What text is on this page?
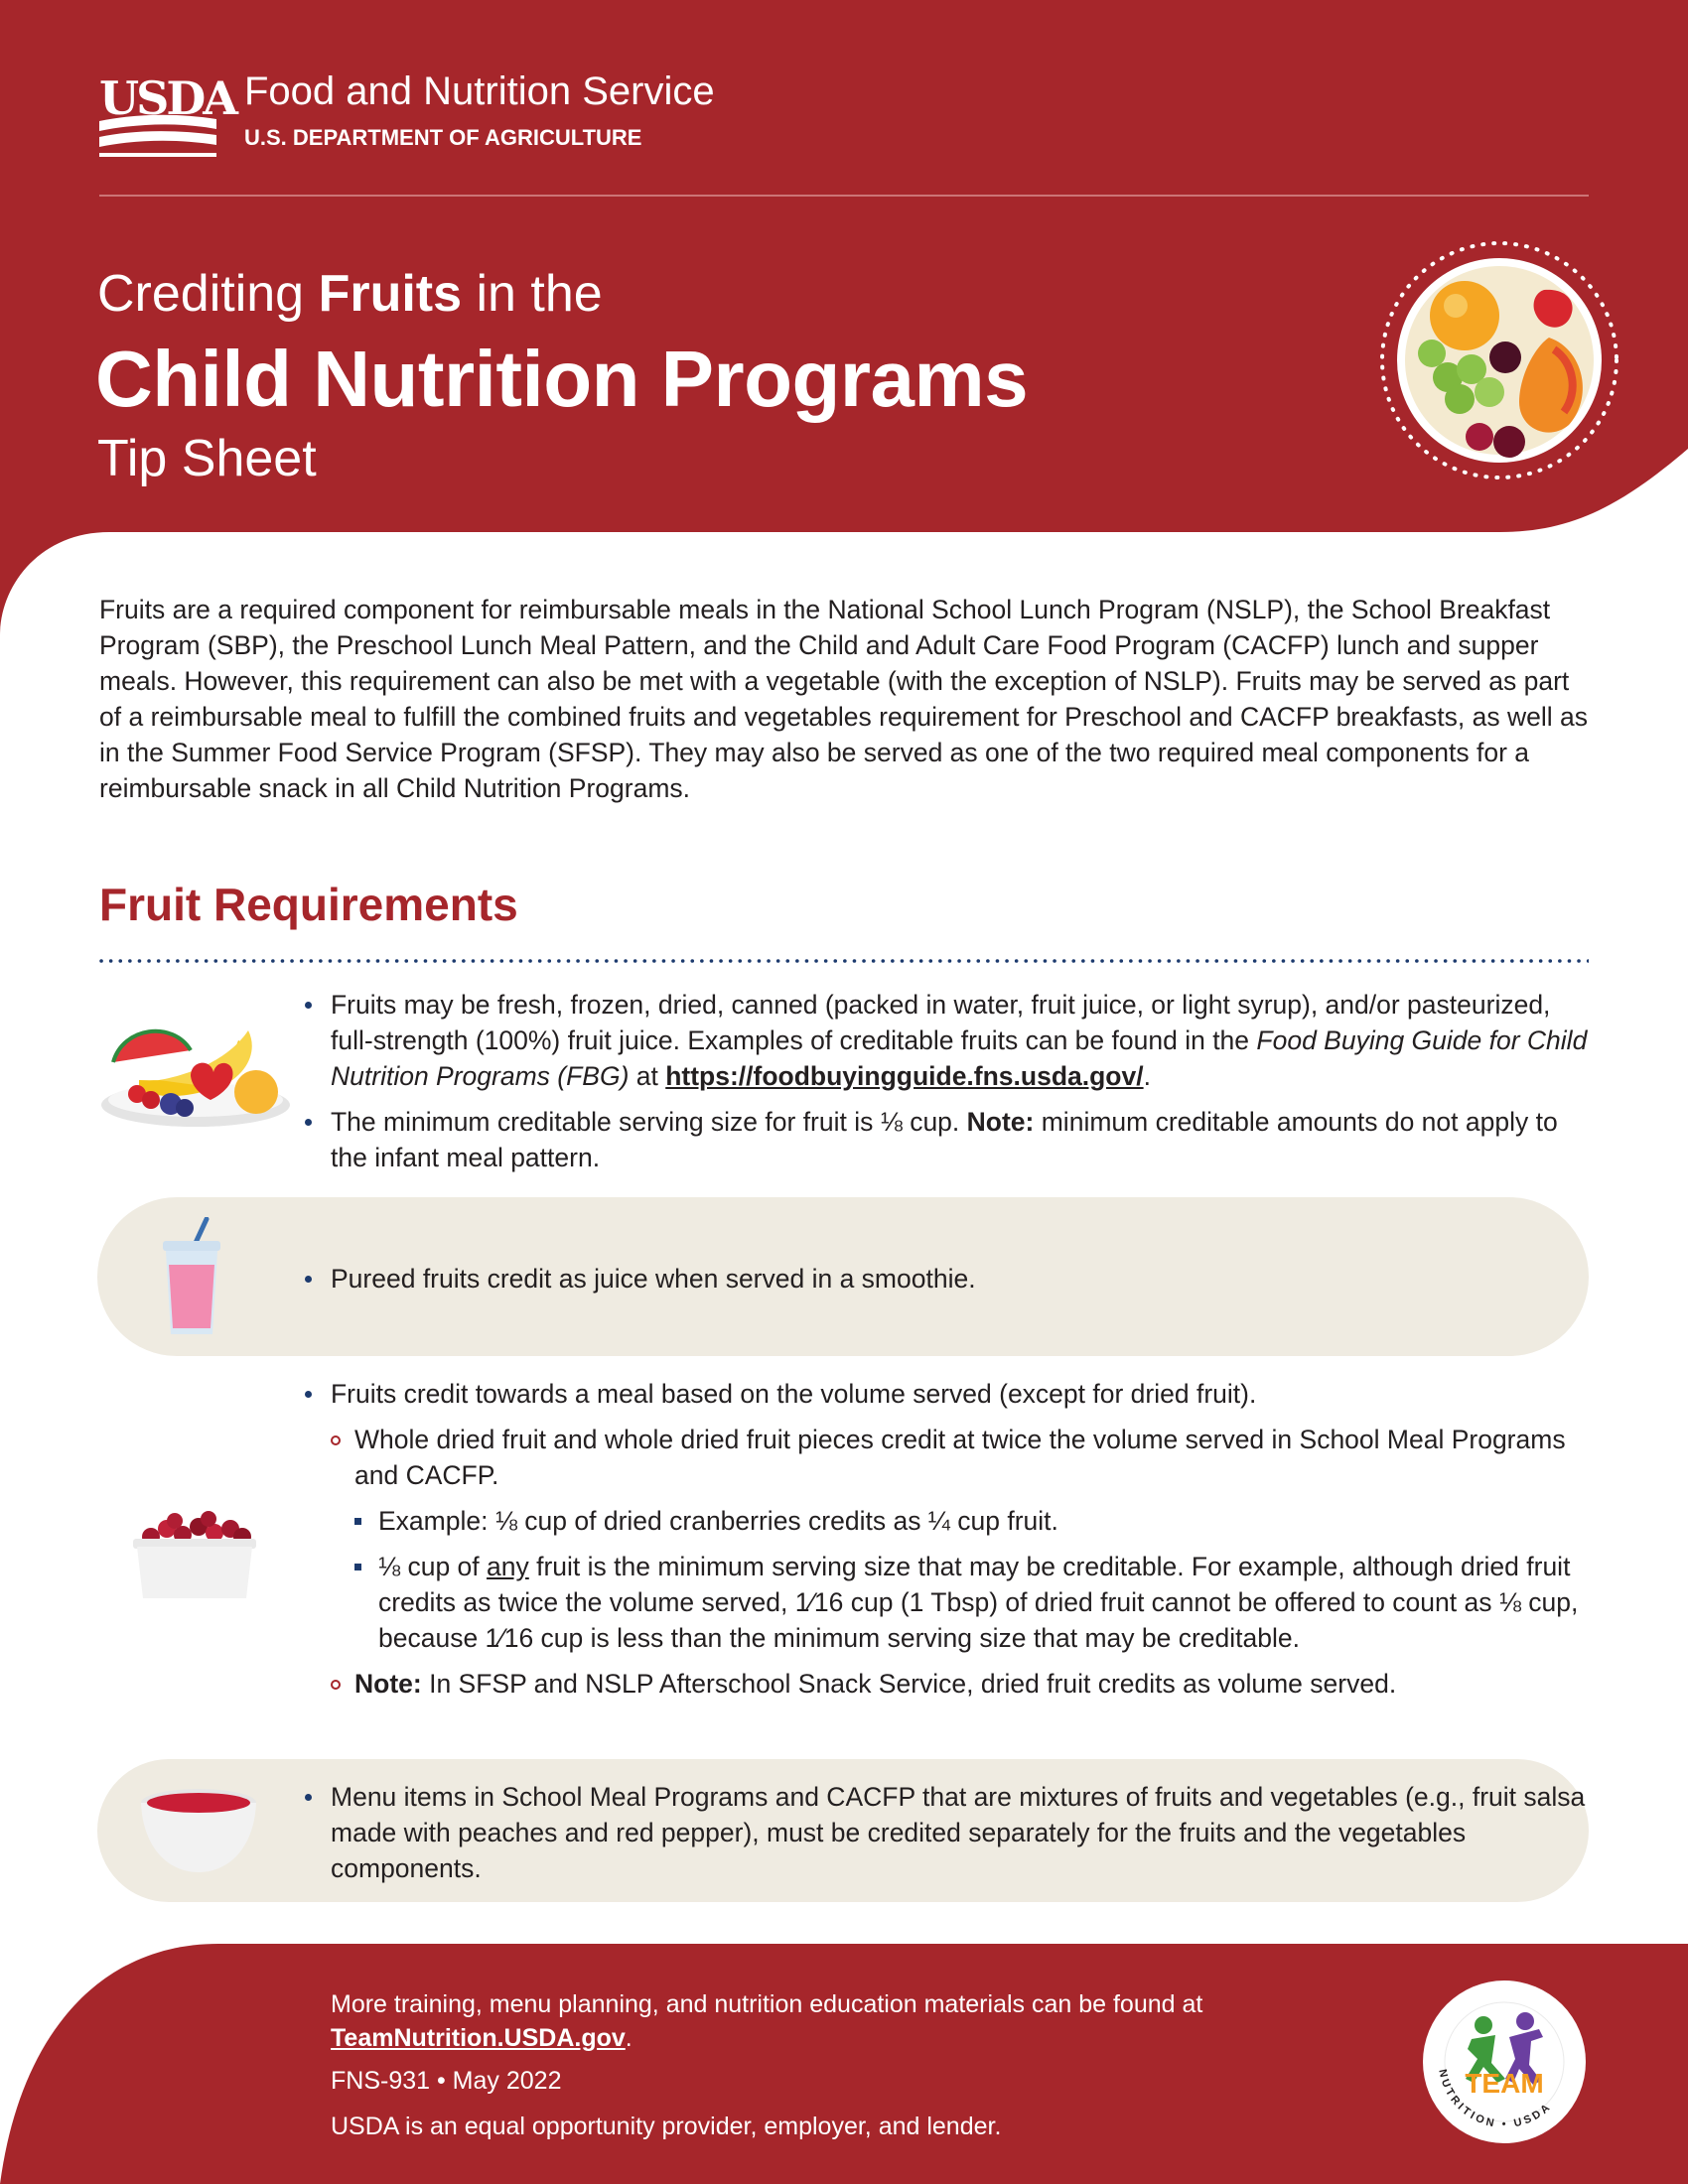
USDA Food and Nutrition Service
U.S. DEPARTMENT OF AGRICULTURE
Crediting Fruits in the
Child Nutrition Programs
Tip Sheet

Fruits are a required component for reimbursable meals in the National School Lunch Program (NSLP), the School Breakfast Program (SBP), the Preschool Lunch Meal Pattern, and the Child and Adult Care Food Program (CACFP) lunch and supper meals. However, this requirement can also be met with a vegetable (with the exception of NSLP). Fruits may be served as part of a reimbursable meal to fulfill the combined fruits and vegetables requirement for Preschool and CACFP breakfasts, as well as in the Summer Food Service Program (SFSP). They may also be served as one of the two required meal components for a reimbursable snack in all Child Nutrition Programs.

Fruit Requirements
Fruits may be fresh, frozen, dried, canned (packed in water, fruit juice, or light syrup), and/or pasteurized, full-strength (100%) fruit juice. Examples of creditable fruits can be found in the Food Buying Guide for Child Nutrition Programs (FBG) at https://foodbuyingguide.fns.usda.gov/.
The minimum creditable serving size for fruit is ⅛ cup. Note: minimum creditable amounts do not apply to the infant meal pattern.
Pureed fruits credit as juice when served in a smoothie.
Fruits credit towards a meal based on the volume served (except for dried fruit).
Whole dried fruit and whole dried fruit pieces credit at twice the volume served in School Meal Programs and CACFP.
Example: ⅛ cup of dried cranberries credits as ¼ cup fruit.
⅛ cup of any fruit is the minimum serving size that may be creditable. For example, although dried fruit credits as twice the volume served, 1⁄16 cup (1 Tbsp) of dried fruit cannot be offered to count as ⅛ cup, because 1⁄16 cup is less than the minimum serving size that may be creditable.
Note: In SFSP and NSLP Afterschool Snack Service, dried fruit credits as volume served.
Menu items in School Meal Programs and CACFP that are mixtures of fruits and vegetables (e.g., fruit salsa made with peaches and red pepper), must be credited separately for the fruits and the vegetables components.
More training, menu planning, and nutrition education materials can be found at
TeamNutrition.USDA.gov.
FNS-931 • May 2022
USDA is an equal opportunity provider, employer, and lender.
NUTRITION • USDA
TEAM
